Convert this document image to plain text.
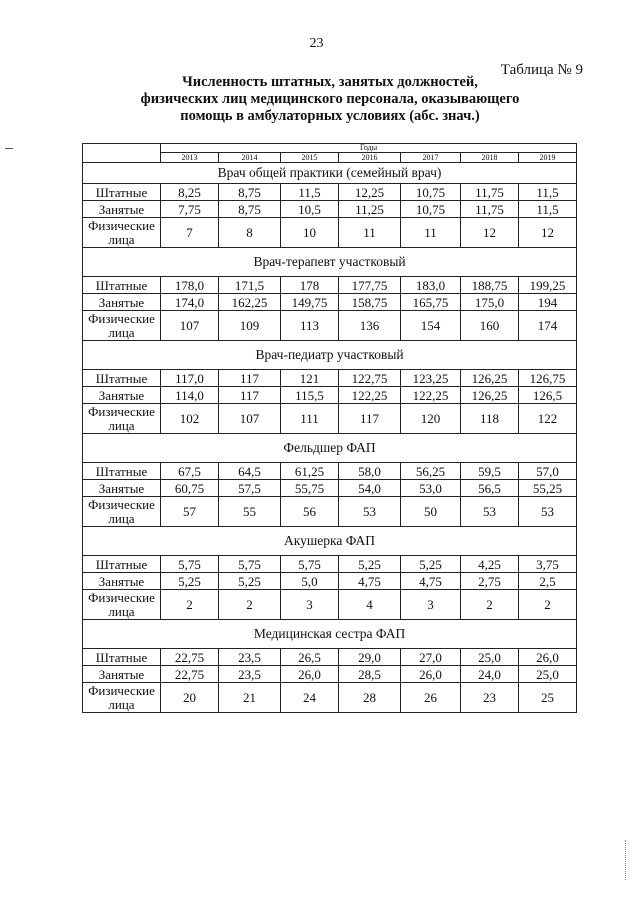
23
Таблица № 9
Численность штатных, занятых должностей,
физических лиц медицинского персонала, оказывающего
помощь в амбулаторных условиях (абс. знач.)
	Годы						
	2013	2014	2015	2016	2017	2018	2019
Врач общей практики (семейный врач)							
Штатные	8,25	8,75	11,5	12,25	10,75	11,75	11,5
Занятые	7,75	8,75	10,5	11,25	10,75	11,75	11,5
Физические лица	7	8	10	11	11	12	12
Врач-терапевт участковый							
Штатные	178,0	171,5	178	177,75	183,0	188,75	199,25
Занятые	174,0	162,25	149,75	158,75	165,75	175,0	194
Физические лица	107	109	113	136	154	160	174
Врач-педиатр участковый							
Штатные	117,0	117	121	122,75	123,25	126,25	126,75
Занятые	114,0	117	115,5	122,25	122,25	126,25	126,5
Физические лица	102	107	111	117	120	118	122
Фельдшер ФАП							
Штатные	67,5	64,5	61,25	58,0	56,25	59,5	57,0
Занятые	60,75	57,5	55,75	54,0	53,0	56,5	55,25
Физические лица	57	55	56	53	50	53	53
Акушерка ФАП							
Штатные	5,75	5,75	5,75	5,25	5,25	4,25	3,75
Занятые	5,25	5,25	5,0	4,75	4,75	2,75	2,5
Физические лица	2	2	3	4	3	2	2
Медицинская сестра ФАП							
Штатные	22,75	23,5	26,5	29,0	27,0	25,0	26,0
Занятые	22,75	23,5	26,0	28,5	26,0	24,0	25,0
Физические лица	20	21	24	28	26	23	25
